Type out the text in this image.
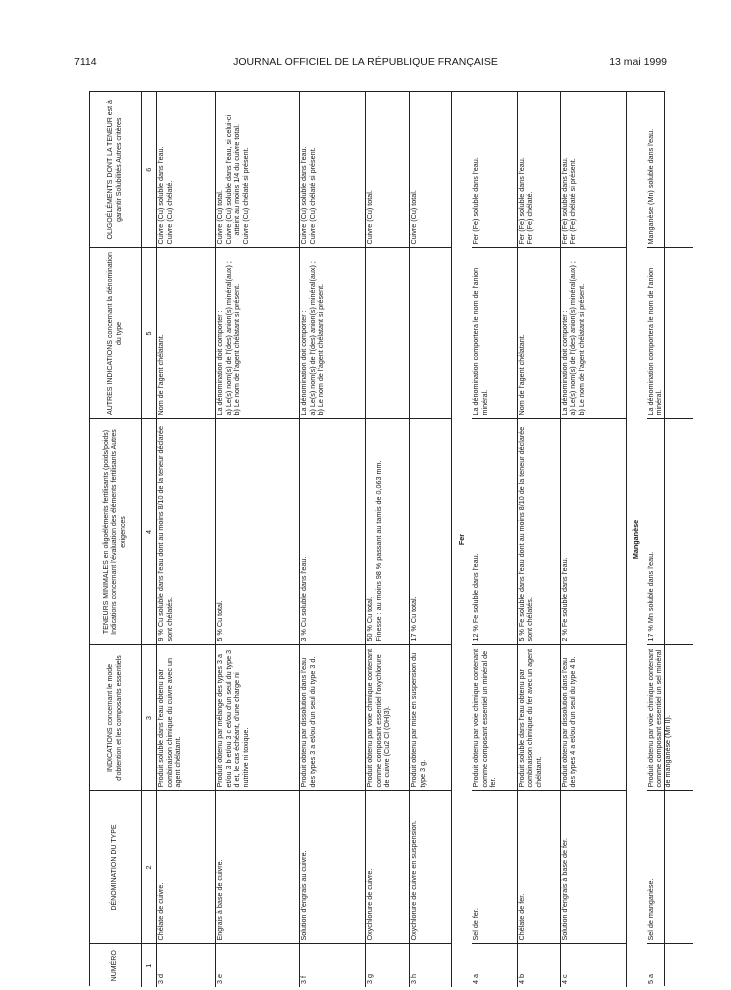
7114	JOURNAL OFFICIEL DE LA RÉPUBLIQUE FRANÇAISE	13 mai 1999
NUMÉRO	DÉNOMINATION DU TYPE	INDICATIONS concernant le mode d'obtention et les composants essentiels	TENEURS MINIMALES en oligoéléments fertilisants (poids/poids) Indications concernant l'évaluation des éléments fertilisants Autres exigences	AUTRES INDICATIONS concernant la dénomination du type	OLIGOÉLÉMENTS DONT LA TENEUR est à garantir Solubilités Autres critères
1	2	3	4	5	6
3 d	Chélate de cuivre.	Produit soluble dans l'eau obtenu par combinaison chimique du cuivre avec un agent chélatant.	9 % Cu soluble dans l'eau dont au moins 8/10 de la teneur déclarée sont chélatés.	Nom de l'agent chélatant.	Cuivre (Cu) soluble dans l'eau. Cuivre (Cu) chélaté.

3 e	Engrais à base de cuivre.	Produit obtenu par mélange des types 3 a et/ou 3 b et/ou 3 c et/ou d'un seul du type 3 d et, le cas échéant, d'une charge ni nutritive ni toxique.	5 % Cu total.	La dénomination doit comporter : a) Le(s) nom(s) de l'(des) anion(s) minéral(aux) ; b) Le nom de l'agent chélatant si présent.	Cuivre (Cu) total. Cuivre (Cu) soluble dans l'eau, si celui-ci atteint au moins 1/4 du cuivre total. Cuivre (Cu) chélaté si présent.

3 f	Solution d'engrais au cuivre.	Produit obtenu par dissolution dans l'eau des types 3 a et/ou d'un seul du type 3 d.	3 % Cu soluble dans l'eau.	La dénomination doit comporter : a) Le(s) nom(s) de l'(des) anion(s) minéral(aux) ; b) Le nom de l'agent chélatant si présent.	Cuivre (Cu) soluble dans l'eau. Cuivre (Cu) chélaté si présent.

3 g	Oxychlorure de cuivre.	Produit obtenu par voie chimique contenant comme composant essentiel l'oxychlorure de cuivre (Cu2 Cl (OH)3).	50 % Cu total. Finesse : au moins 98 % passant au tamis de 0,063 mm.		Cuivre (Cu) total.

3 h	Oxychlorure de cuivre en suspension.	Produit obtenu par mise en suspension du type 3 g.	17 % Cu total.		Cuivre (Cu) total.

Fer					
4 a	Sel de fer.	Produit obtenu par voie chimique contenant comme composant essentiel un minéral de fer.	12 % Fe soluble dans l'eau.	La dénomination comportera le nom de l'anion minéral.	Fer (Fe) soluble dans l'eau.

4 b	Chélate de fer.	Produit soluble dans l'eau obtenu par combinaison chimique du fer avec un agent chélatant.	5 % Fe soluble dans l'eau dont au moins 8/10 de la teneur déclarée sont chélatés.	Nom de l'agent chélatant.	Fer (Fe) soluble dans l'eau. Fer (Fe) chélaté.

4 c	Solution d'engrais à base de fer.	Produit obtenu par dissolution dans l'eau des types 4 a et/ou d'un seul du type 4 b.	2 % Fe soluble dans l'eau.	La dénomination doit comporter : a) Le(s) nom(s) de l'(des) anion(s) minéral(aux) ; b) Le nom de l'agent chélatant si présent.	Fer (Fe) soluble dans l'eau. Fer (Fe) chélaté si présent.

Manganèse					
5 a	Sel de manganèse.	Produit obtenu par voie chimique contenant comme composant essentiel un sel minéral de manganèse (Mn II).	17 % Mn soluble dans l'eau.	La dénomination comportera le nom de l'anion minéral.	Manganèse (Mn) soluble dans l'eau.
